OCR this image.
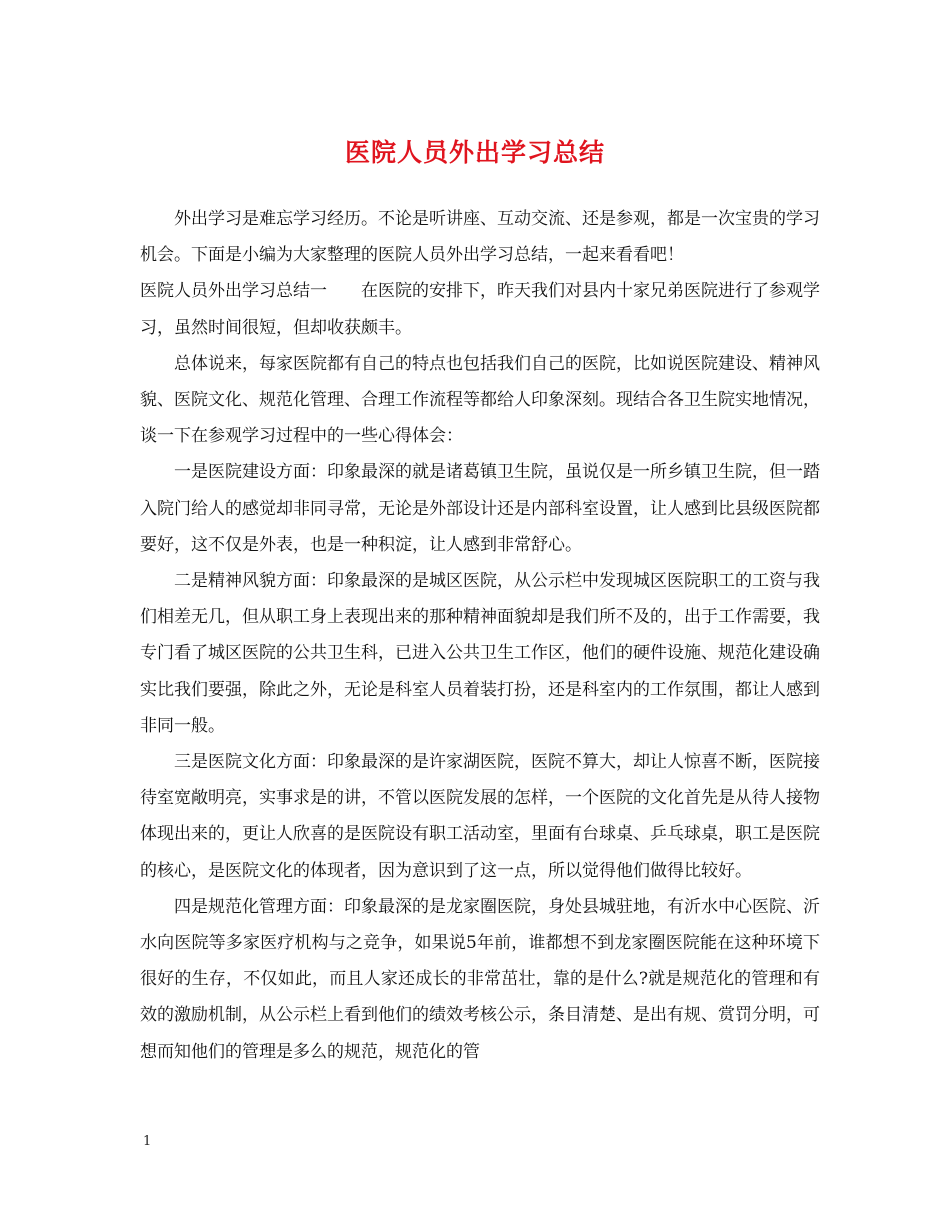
医院人员外出学习总结

外出学习是难忘学习经历。不论是听讲座、互动交流、还是参观，都是一次宝贵的学习机会。下面是小编为大家整理的医院人员外出学习总结，一起来看看吧！

医院人员外出学习总结一　　在医院的安排下，昨天我们对县内十家兄弟医院进行了参观学习，虽然时间很短，但却收获颇丰。

总体说来，每家医院都有自己的特点也包括我们自己的医院，比如说医院建设、精神风貌、医院文化、规范化管理、合理工作流程等都给人印象深刻。现结合各卫生院实地情况，谈一下在参观学习过程中的一些心得体会：

一是医院建设方面：印象最深的就是诸葛镇卫生院，虽说仅是一所乡镇卫生院，但一踏入院门给人的感觉却非同寻常，无论是外部设计还是内部科室设置，让人感到比县级医院都要好，这不仅是外表，也是一种积淀，让人感到非常舒心。

二是精神风貌方面：印象最深的是城区医院，从公示栏中发现城区医院职工的工资与我们相差无几，但从职工身上表现出来的那种精神面貌却是我们所不及的，出于工作需要，我专门看了城区医院的公共卫生科，已进入公共卫生工作区，他们的硬件设施、规范化建设确实比我们要强，除此之外，无论是科室人员着装打扮，还是科室内的工作氛围，都让人感到非同一般。

三是医院文化方面：印象最深的是许家湖医院，医院不算大，却让人惊喜不断，医院接待室宽敞明亮，实事求是的讲，不管以医院发展的怎样，一个医院的文化首先是从待人接物体现出来的，更让人欣喜的是医院设有职工活动室，里面有台球桌、乒乓球桌，职工是医院的核心，是医院文化的体现者，因为意识到了这一点，所以觉得他们做得比较好。

四是规范化管理方面：印象最深的是龙家圈医院，身处县城驻地，有沂水中心医院、沂水向医院等多家医疗机构与之竞争，如果说5年前，谁都想不到龙家圈医院能在这种环境下很好的生存，不仅如此，而且人家还成长的非常茁壮，靠的是什么?就是规范化的管理和有效的激励机制，从公示栏上看到他们的绩效考核公示，条目清楚、是出有规、赏罚分明，可想而知他们的管理是多么的规范，规范化的管

1
